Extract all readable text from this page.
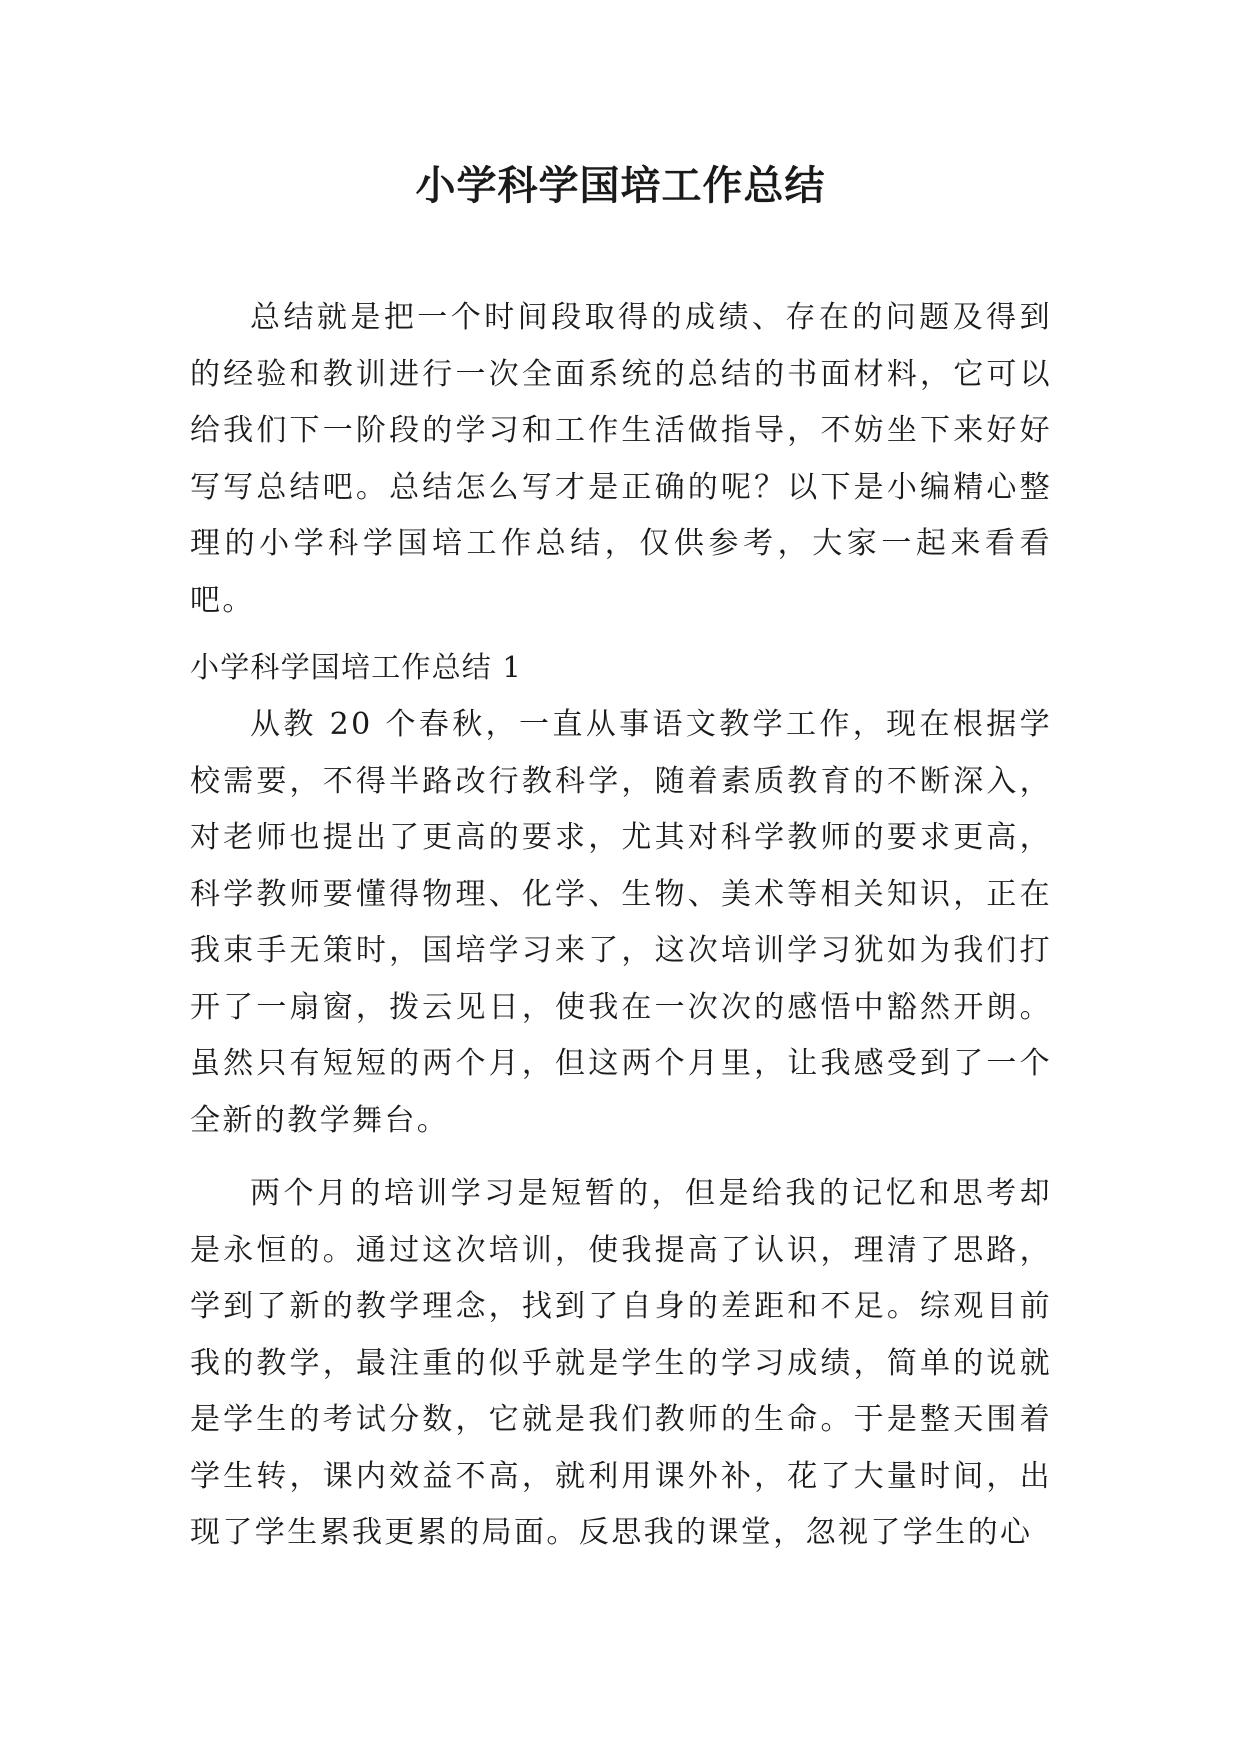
小学科学国培工作总结

总结就是把一个时间段取得的成绩、存在的问题及得到的经验和教训进行一次全面系统的总结的书面材料，它可以给我们下一阶段的学习和工作生活做指导，不妨坐下来好好写写总结吧。总结怎么写才是正确的呢？以下是小编精心整理的小学科学国培工作总结，仅供参考，大家一起来看看吧。

小学科学国培工作总结 1

从教 20 个春秋，一直从事语文教学工作，现在根据学校需要，不得半路改行教科学，随着素质教育的不断深入，对老师也提出了更高的要求，尤其对科学教师的要求更高，科学教师要懂得物理、化学、生物、美术等相关知识，正在我束手无策时，国培学习来了，这次培训学习犹如为我们打开了一扇窗，拨云见日，使我在一次次的感悟中豁然开朗。虽然只有短短的两个月，但这两个月里，让我感受到了一个全新的教学舞台。

两个月的培训学习是短暂的，但是给我的记忆和思考却是永恒的。通过这次培训，使我提高了认识，理清了思路，学到了新的教学理念，找到了自身的差距和不足。综观目前我的教学，最注重的似乎就是学生的学习成绩，简单的说就是学生的考试分数，它就是我们教师的生命。于是整天围着学生转，课内效益不高，就利用课外补，花了大量时间，出现了学生累我更累的局面。反思我的课堂，忽视了学生的心
